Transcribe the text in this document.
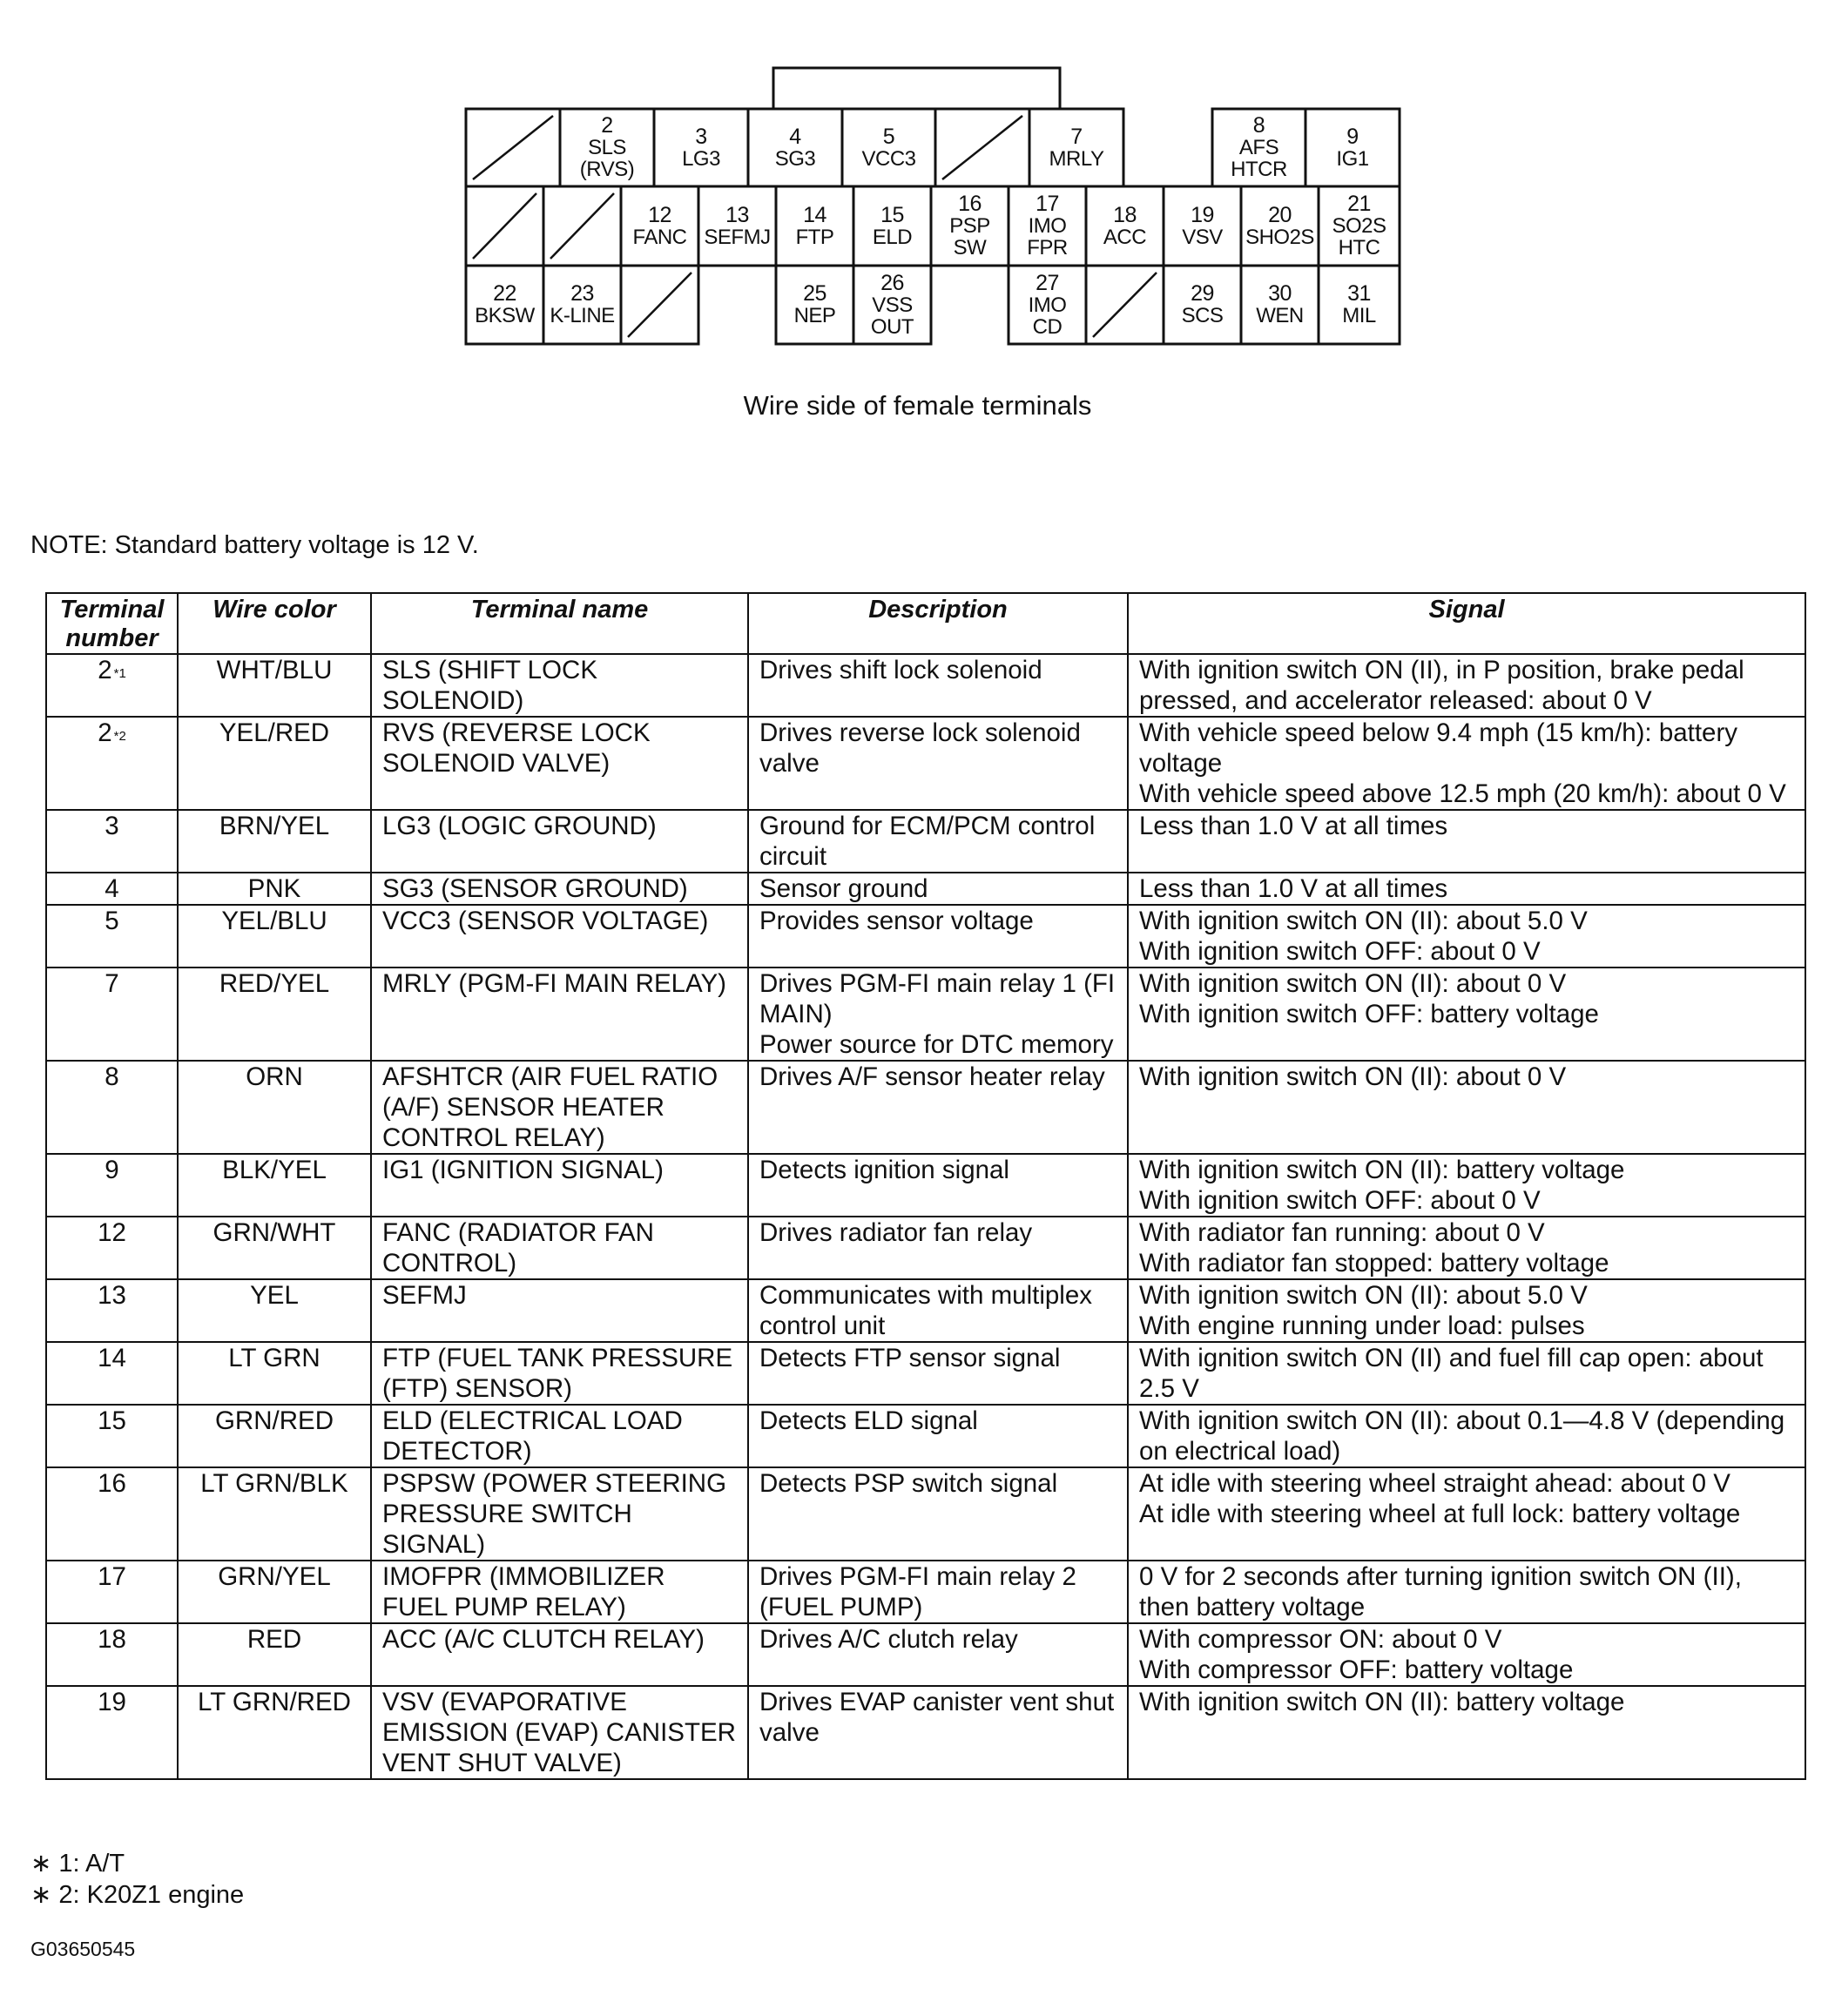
2
SLS
(RVS)
3
LG3
4
SG3
5
VCC3
7
MRLY
8
AFS
HTCR
9
IG1
12
FANC
13
SEFMJ
14
FTP
15
ELD
16
PSP
SW
17
IMO
FPR
18
ACC
19
VSV
20
SHO2S
21
SO2S
HTC
22
BKSW
23
K-LINE
25
NEP
26
VSS
OUT
27
IMO
CD
29
SCS
30
WEN
31
MIL
Wire side of female terminals
NOTE: Standard battery voltage is 12 V.
Terminal number	Wire color	Terminal name	Description	Signal
2 $^{*1}$	WHT/BLU	SLS (SHIFT LOCK SOLENOID)	Drives shift lock solenoid	With ignition switch ON (II), in P position, brake pedal pressed, and accelerator released: about 0 V

2 $^{*2}$	YEL/RED	RVS (REVERSE LOCK SOLENOID VALVE)	Drives reverse lock solenoid valve	With vehicle speed below 9.4 mph (15 km/h): battery voltage
With vehicle speed above 12.5 mph (20 km/h): about 0 V

3	BRN/YEL	LG3 (LOGIC GROUND)	Ground for ECM/PCM control circuit	Less than 1.0 V at all times

4	PNK	SG3 (SENSOR GROUND)	Sensor ground	Less than 1.0 V at all times

5	YEL/BLU	VCC3 (SENSOR VOLTAGE)	Provides sensor voltage	With ignition switch ON (II): about 5.0 V
With ignition switch OFF: about 0 V

7	RED/YEL	MRLY (PGM-FI MAIN RELAY)	Drives PGM-FI main relay 1 (FI MAIN)
Power source for DTC memory	With ignition switch ON (II): about 0 V
With ignition switch OFF: battery voltage

8	ORN	AFSHTCR (AIR FUEL RATIO (A/F) SENSOR HEATER CONTROL RELAY)	Drives A/F sensor heater relay	With ignition switch ON (II): about 0 V

9	BLK/YEL	IG1 (IGNITION SIGNAL)	Detects ignition signal	With ignition switch ON (II): battery voltage
With ignition switch OFF: about 0 V

12	GRN/WHT	FANC (RADIATOR FAN CONTROL)	Drives radiator fan relay	With radiator fan running: about 0 V
With radiator fan stopped: battery voltage

13	YEL	SEFMJ	Communicates with multiplex control unit	With ignition switch ON (II): about 5.0 V
With engine running under load: pulses

14	LT GRN	FTP (FUEL TANK PRESSURE (FTP) SENSOR)	Detects FTP sensor signal	With ignition switch ON (II) and fuel fill cap open: about 2.5 V

15	GRN/RED	ELD (ELECTRICAL LOAD DETECTOR)	Detects ELD signal	With ignition switch ON (II): about 0.1—4.8 V (depending on electrical load)

16	LT GRN/BLK	PSPSW (POWER STEERING PRESSURE SWITCH SIGNAL)	Detects PSP switch signal	At idle with steering wheel straight ahead: about 0 V
At idle with steering wheel at full lock: battery voltage

17	GRN/YEL	IMOFPR (IMMOBILIZER FUEL PUMP RELAY)	Drives PGM-FI main relay 2 (FUEL PUMP)	0 V for 2 seconds after turning ignition switch ON (II), then battery voltage

18	RED	ACC (A/C CLUTCH RELAY)	Drives A/C clutch relay	With compressor ON: about 0 V
With compressor OFF: battery voltage

19	LT GRN/RED	VSV (EVAPORATIVE EMISSION (EVAP) CANISTER VENT SHUT VALVE)	Drives EVAP canister vent shut valve	With ignition switch ON (II): battery voltage
∗ 1: A/T
∗ 2: K20Z1 engine
G03650545
